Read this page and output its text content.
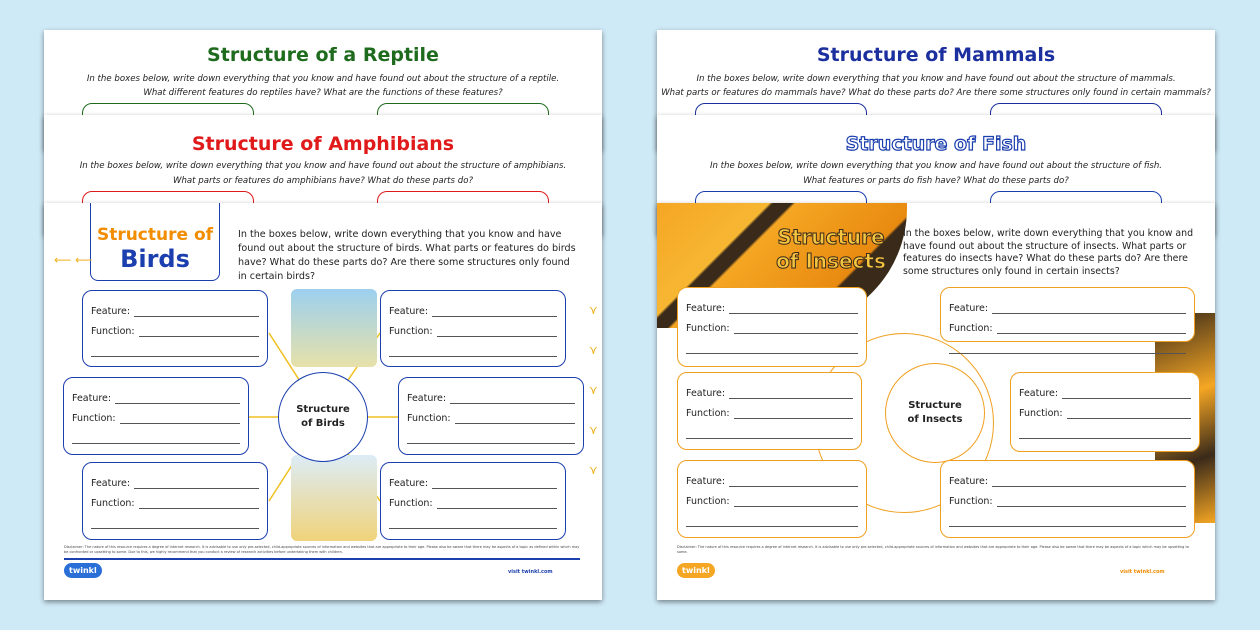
Structure of a Reptile
In the boxes below, write down everything that you know and have found out about the structure of a reptile.
What different features do reptiles have? What are the functions of these features?
Structure of Amphibians
In the boxes below, write down everything that you know and have found out about the structure of amphibians.
What parts or features do amphibians have? What do these parts do?
Structure of
Birds
In the boxes below, write down everything that you know and have found out about the structure of birds. What parts or features do birds have? What do these parts do? Are there some structures only found in certain birds?
⟵ ⟵
Structure of Birds
Structure of Mammals
In the boxes below, write down everything that you know and have found out about the structure of mammals.
What parts or features do mammals have? What do these parts do? Are there some structures only found in certain mammals?
Structure of Fish
In the boxes below, write down everything that you know and have found out about the structure of fish.
What features or parts do fish have? What do these parts do?
Structure
of Insects
In the boxes below, write down everything that you know and have found out about the structure of insects. What parts or features do insects have? What do these parts do? Are there some structures only found in certain insects?
Structure of Insects
Disclaimer: The nature of this resource requires a degree of internet research. It is advisable to use only pre-selected, child-appropriate sources of information and websites that are appropriate to their age. Please also be aware that there may be aspects of a topic as defined within which may be confronted or upsetting to some. Due to this, we highly recommend that you conduct a review of research activities before undertaking them with children.
twinkl	visit twinkl.com
Disclaimer: The nature of this resource requires a degree of internet research. It is advisable to use only pre-selected, child-appropriate sources of information and websites that are appropriate to their age. Please also be aware that there may be aspects of a topic which may be upsetting to some.
twinkl	visit twinkl.com
Feature:
Function:
Feature:
Function:
Feature:
Function:
Feature:
Function:
Feature:
Function:
Feature:
Function:
Feature:
Function:
Feature:
Function:
Feature:
Function:
Feature:
Function:
Feature:
Function:
Feature:
Function:
⋎
⋎
⋎
⋎
⋎
